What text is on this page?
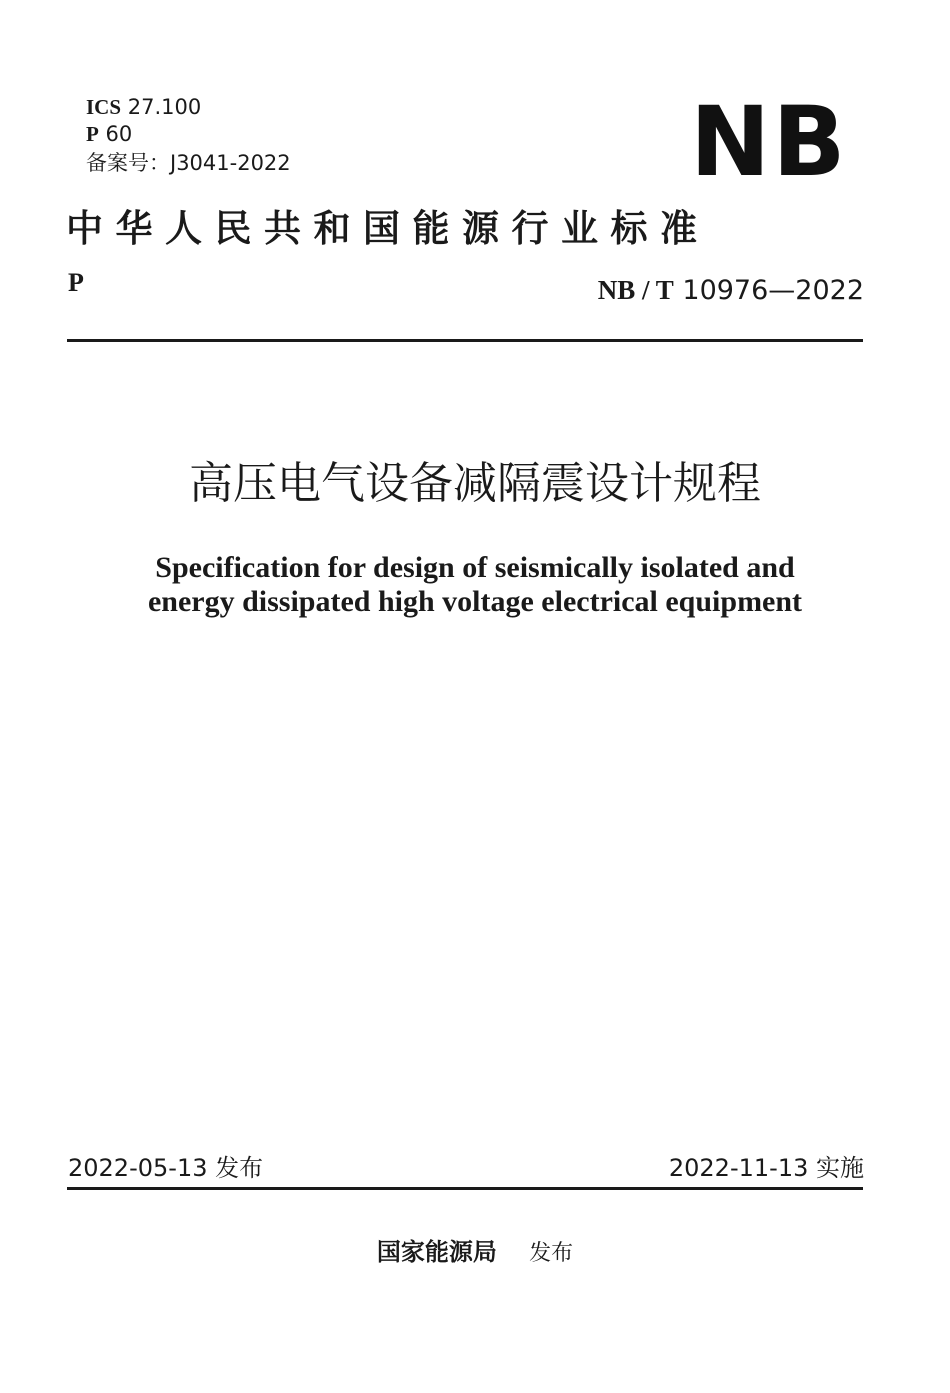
ICS 27.100
P 60
备案号：J3041-2022	NB
中华人民共和国能源行业标准
P	NB / T 10976—2022
高压电气设备减隔震设计规程
Specification for design of seismically isolated and
energy dissipated high voltage electrical equipment
2022-05-13 发布	2022-11-13 实施
国家能源局 发布
